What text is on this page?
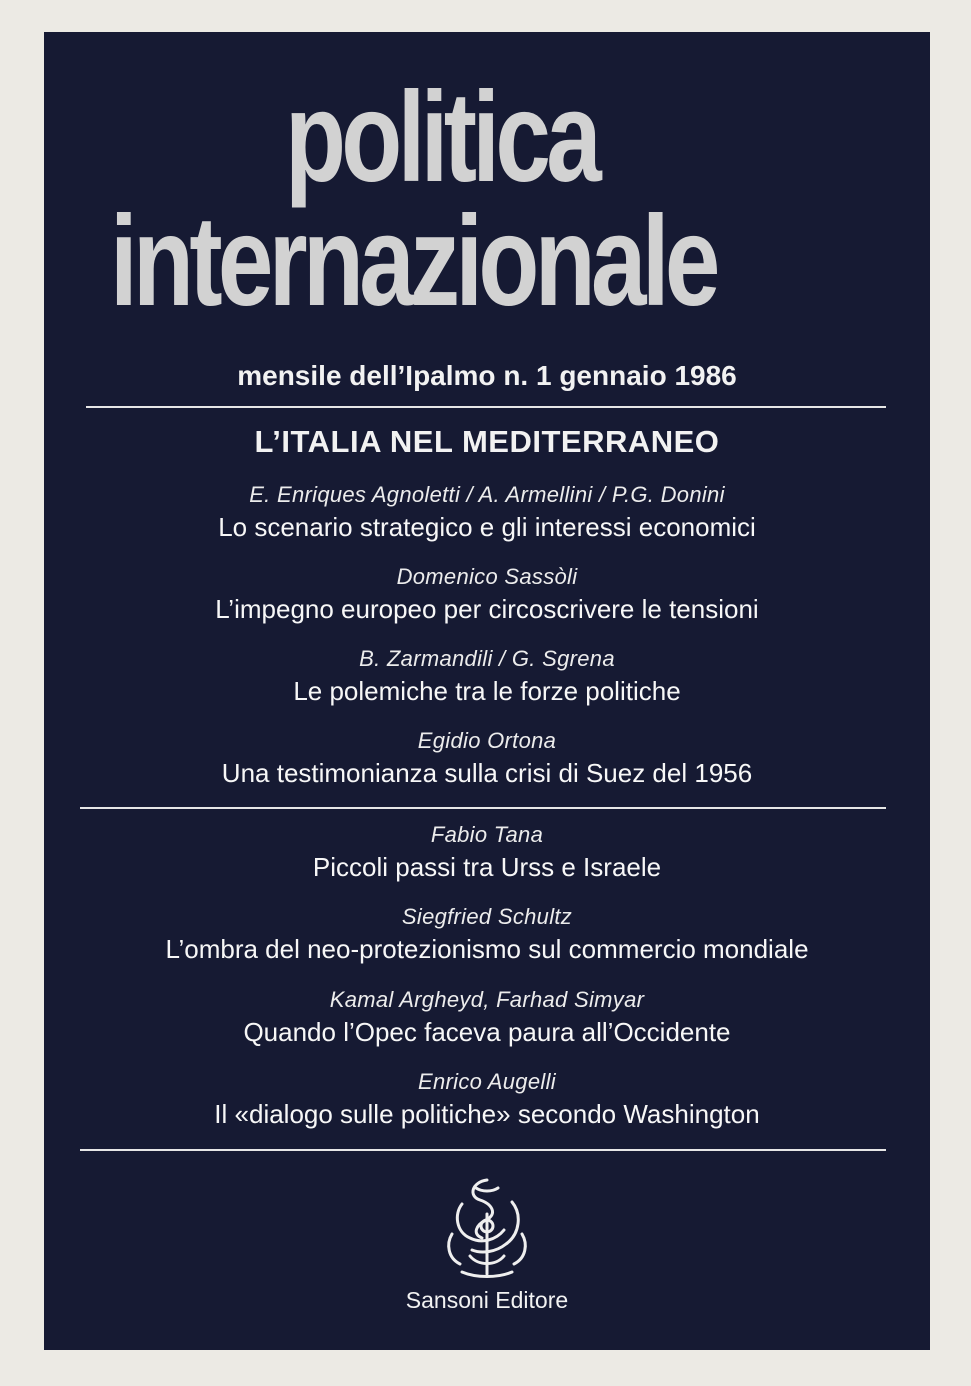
politica
internazionale
mensile dell’Ipalmo n. 1 gennaio 1986
L’ITALIA NEL MEDITERRANEO
E. Enriques Agnoletti / A. Armellini / P.G. Donini
Lo scenario strategico e gli interessi economici
Domenico Sassòli
L’impegno europeo per circoscrivere le tensioni
B. Zarmandili / G. Sgrena
Le polemiche tra le forze politiche
Egidio Ortona
Una testimonianza sulla crisi di Suez del 1956
Fabio Tana
Piccoli passi tra Urss e Israele
Siegfried Schultz
L’ombra del neo-protezionismo sul commercio mondiale
Kamal Argheyd, Farhad Simyar
Quando l’Opec faceva paura all’Occidente
Enrico Augelli
Il «dialogo sulle politiche» secondo Washington
Sansoni Editore
